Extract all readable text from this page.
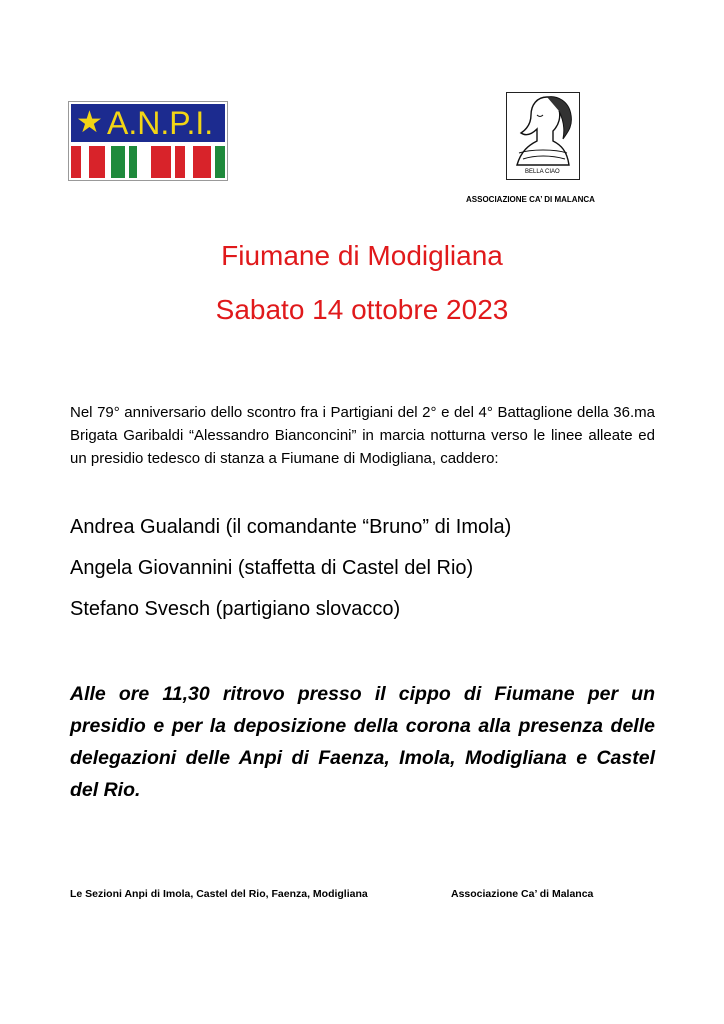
★ A.N.P.I.
BELLA CIAO
ASSOCIAZIONE CA’ DI MALANCA
Fiumane di Modigliana
Sabato 14 ottobre 2023
Nel 79° anniversario dello scontro fra i Partigiani del 2° e del 4° Battaglione della 36.ma Brigata Garibaldi “Alessandro Bianconcini” in marcia notturna verso le linee alleate ed un presidio tedesco di stanza a Fiumane di Modigliana, caddero:
Andrea Gualandi (il comandante “Bruno” di Imola)
Angela Giovannini (staffetta di Castel del Rio)
Stefano Svesch (partigiano slovacco)
Alle ore 11,30 ritrovo presso il cippo di Fiumane per un presidio e per la deposizione della corona alla presenza delle delegazioni delle Anpi di Faenza, Imola, Modigliana e Castel del Rio.
Le Sezioni Anpi di Imola, Castel del Rio, Faenza, Modigliana	Associazione Ca’ di Malanca
